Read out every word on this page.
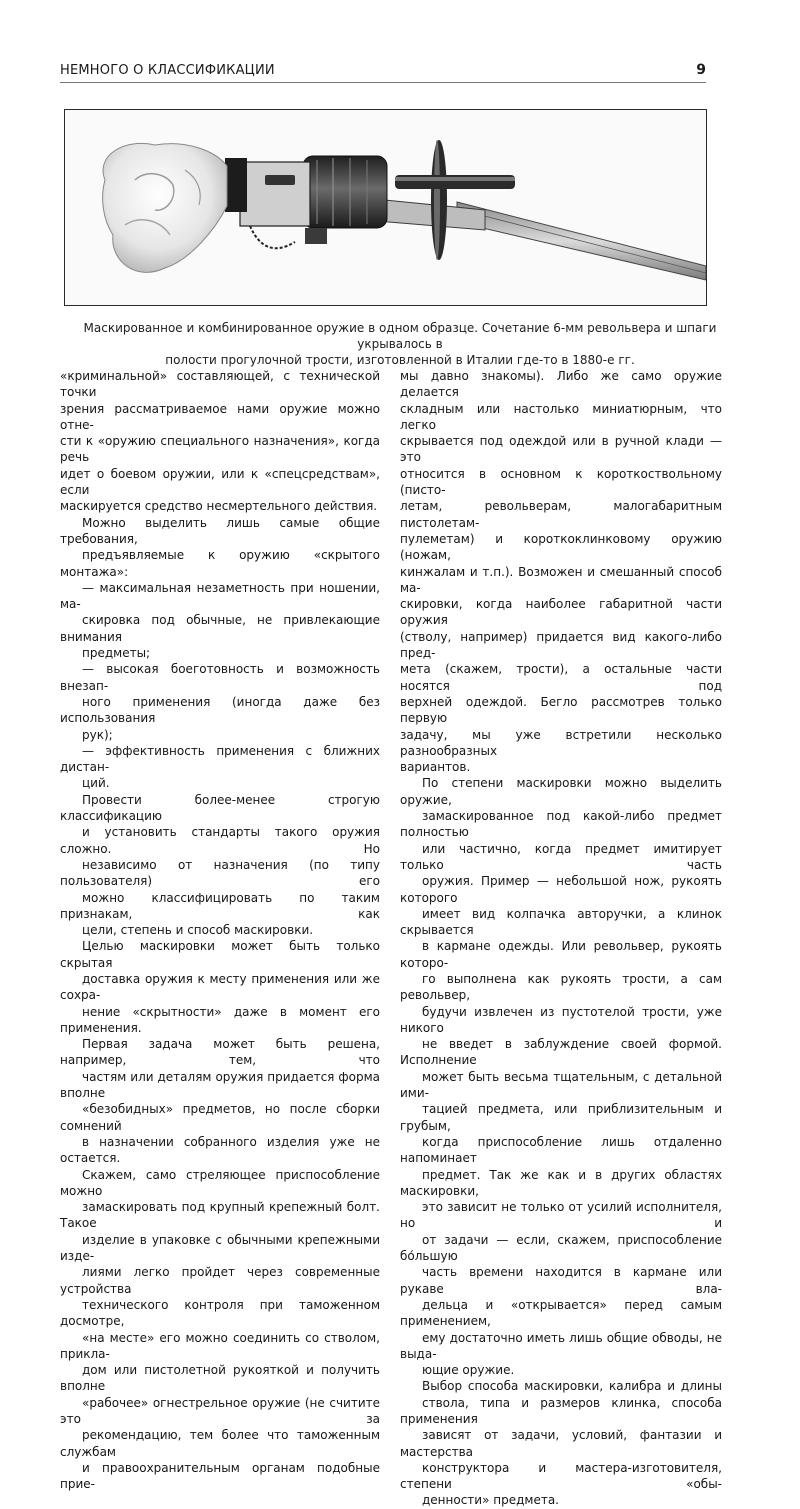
НЕМНОГО О КЛАССИФИКАЦИИ	9
Маскированное и комбинированное оружие в одном образце. Сочетание 6-мм револьвера и шпаги укрывалось в
полости прогулочной трости, изготовленной в Италии где-то в 1880-е гг.

«криминальной» составляющей, с технической точки
зрения рассматриваемое нами оружие можно отне-
сти к «оружию специального назначения», когда речь
идет о боевом оружии, или к «спецсредствам», если
маскируется средство несмертельного действия.

Можно выделить лишь самые общие требования,
предъявляемые к оружию «скрытого монтажа»:

— максимальная незаметность при ношении, ма-
скировка под обычные, не привлекающие внимания
предметы;

— высокая боеготовность и возможность внезап-
ного применения (иногда даже без использования
рук);

— эффективность применения с ближних дистан-
ций.

Провести более-менее строгую классификацию
и установить стандарты такого оружия сложно. Но
независимо от назначения (по типу пользователя) его
можно классифицировать по таким признакам, как
цели, степень и способ маскировки.

Целью маскировки может быть только скрытая
доставка оружия к месту применения или же сохра-
нение «скрытности» даже в момент его применения.
Первая задача может быть решена, например, тем, что
частям или деталям оружия придается форма вполне
«безобидных» предметов, но после сборки сомнений
в назначении собранного изделия уже не остается.
Скажем, само стреляющее приспособление можно
замаскировать под крупный крепежный болт. Такое
изделие в упаковке с обычными крепежными изде-
лиями легко пройдет через современные устройства
технического контроля при таможенном досмотре,
«на месте» его можно соединить со стволом, прикла-
дом или пистолетной рукояткой и получить вполне
«рабочее» огнестрельное оружие (не считите это за
рекомендацию, тем более что таможенным службам
и правоохранительным органам подобные прие-

мы давно знакомы). Либо же само оружие делается
складным или настолько миниатюрным, что легко
скрывается под одеждой или в ручной клади — это
относится в основном к короткоствольному (писто-
летам, револьверам, малогабаритным пистолетам-
пулеметам) и короткоклинковому оружию (ножам,
кинжалам и т.п.). Возможен и смешанный способ ма-
скировки, когда наиболее габаритной части оружия
(стволу, например) придается вид какого-либо пред-
мета (скажем, трости), а остальные части носятся под
верхней одеждой. Бегло рассмотрев только первую
задачу, мы уже встретили несколько разнообразных
вариантов.

По степени маскировки можно выделить оружие,
замаскированное под какой-либо предмет полностью
или частично, когда предмет имитирует только часть
оружия. Пример — небольшой нож, рукоять которого
имеет вид колпачка авторучки, а клинок скрывается
в кармане одежды. Или револьвер, рукоять которо-
го выполнена как рукоять трости, а сам револьвер,
будучи извлечен из пустотелой трости, уже никого
не введет в заблуждение своей формой. Исполнение
может быть весьма тщательным, с детальной ими-
тацией предмета, или приблизительным и грубым,
когда приспособление лишь отдаленно напоминает
предмет. Так же как и в других областях маскировки,
это зависит не только от усилий исполнителя, но и
от задачи — если, скажем, приспособление бо́льшую
часть времени находится в кармане или рукаве вла-
дельца и «открывается» перед самым применением,
ему достаточно иметь лишь общие обводы, не выда-
ющие оружие.

Выбор способа маскировки, калибра и длины
ствола, типа и размеров клинка, способа применения
зависят от задачи, условий, фантазии и мастерства
конструктора и мастера-изготовителя, степени «обы-
денности» предмета.
